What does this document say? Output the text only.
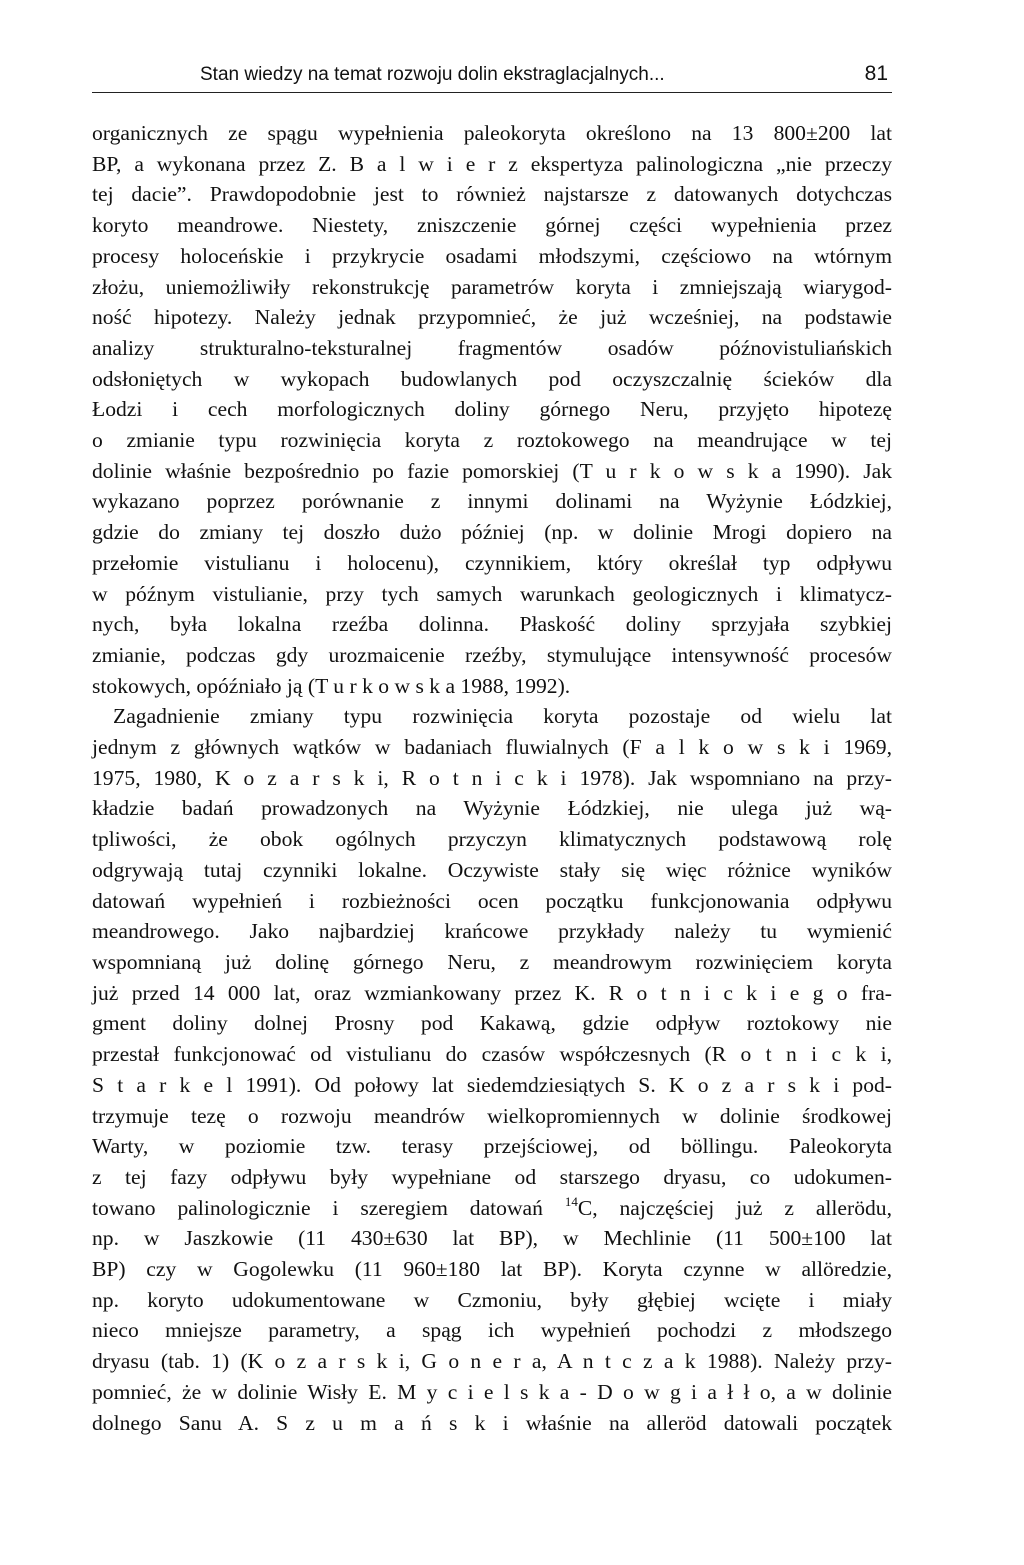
Stan wiedzy na temat rozwoju dolin ekstraglacjalnych...	81

organicznych ze spągu wypełnienia paleokoryta określono na 13 800±200 lat
BP, a wykonana przez Z. B a l w i e r z ekspertyza palinologiczna „nie przeczy
tej dacie”. Prawdopodobnie jest to również najstarsze z datowanych dotychczas
koryto meandrowe. Niestety, zniszczenie górnej części wypełnienia przez
procesy holoceńskie i przykrycie osadami młodszymi, częściowo na wtórnym
złożu, uniemożliwiły rekonstrukcję parametrów koryta i zmniejszają wiarygod-
ność hipotezy. Należy jednak przypomnieć, że już wcześniej, na podstawie
analizy strukturalno-teksturalnej fragmentów osadów późnovistuliańskich
odsłoniętych w wykopach budowlanych pod oczyszczalnię ścieków dla
Łodzi i cech morfologicznych doliny górnego Neru, przyjęto hipotezę
o zmianie typu rozwinięcia koryta z roztokowego na meandrujące w tej
dolinie właśnie bezpośrednio po fazie pomorskiej (T u r k o w s k a 1990). Jak
wykazano poprzez porównanie z innymi dolinami na Wyżynie Łódzkiej,
gdzie do zmiany tej doszło dużo później (np. w dolinie Mrogi dopiero na
przełomie vistulianu i holocenu), czynnikiem, który określał typ odpływu
w późnym vistulianie, przy tych samych warunkach geologicznych i klimatycz-
nych, była lokalna rzeźba dolinna. Płaskość doliny sprzyjała szybkiej
zmianie, podczas gdy urozmaicenie rzeźby, stymulujące intensywność procesów
stokowych, opóźniało ją (T u r k o w s k a 1988, 1992).

Zagadnienie zmiany typu rozwinięcia koryta pozostaje od wielu lat
jednym z głównych wątków w badaniach fluwialnych (F a l k o w s k i 1969,
1975, 1980, K o z a r s k i, R o t n i c k i 1978). Jak wspomniano na przy-
kładzie badań prowadzonych na Wyżynie Łódzkiej, nie ulega już wą-
tpliwości, że obok ogólnych przyczyn klimatycznych podstawową rolę
odgrywają tutaj czynniki lokalne. Oczywiste stały się więc różnice wyników
datowań wypełnień i rozbieżności ocen początku funkcjonowania odpływu
meandrowego. Jako najbardziej krańcowe przykłady należy tu wymienić
wspomnianą już dolinę górnego Neru, z meandrowym rozwinięciem koryta
już przed 14 000 lat, oraz wzmiankowany przez K. R o t n i c k i e g o fra-
gment doliny dolnej Prosny pod Kakawą, gdzie odpływ roztokowy nie
przestał funkcjonować od vistulianu do czasów współczesnych (R o t n i c k i,
S t a r k e l 1991). Od połowy lat siedemdziesiątych S. K o z a r s k i pod-
trzymuje tezę o rozwoju meandrów wielkopromiennych w dolinie środkowej
Warty, w poziomie tzw. terasy przejściowej, od böllingu. Paleokoryta
z tej fazy odpływu były wypełniane od starszego dryasu, co udokumen-
towano palinologicznie i szeregiem datowań $^{14}$C, najczęściej już z allerödu,
np. w Jaszkowie (11 430±630 lat BP), w Mechlinie (11 500±100 lat
BP) czy w Gogolewku (11 960±180 lat BP). Koryta czynne w allöredzie,
np. koryto udokumentowane w Czmoniu, były głębiej wcięte i miały
nieco mniejsze parametry, a spąg ich wypełnień pochodzi z młodszego
dryasu (tab. 1) (K o z a r s k i, G o n e r a, A n t c z a k 1988). Należy przy-
pomnieć, że w dolinie Wisły E. M y c i e l s k a - D o w g i a ł ł o, a w dolinie
dolnego Sanu A. S z u m a ń s k i właśnie na alleröd datowali początek
